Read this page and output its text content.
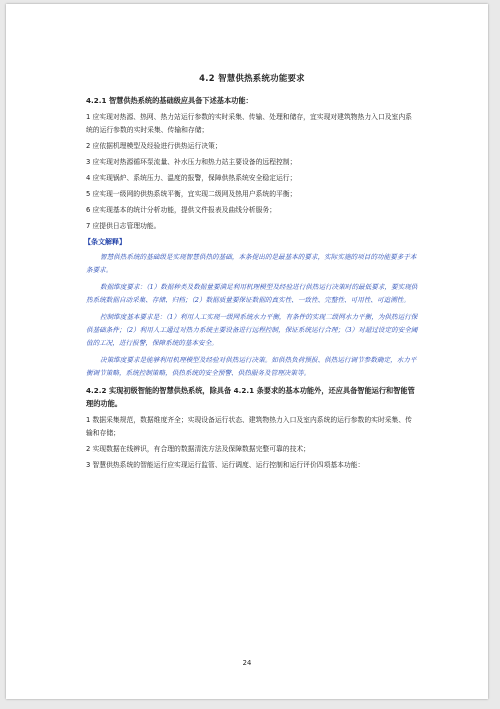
4.2 智慧供热系统功能要求
4.2.1 智慧供热系统的基础级应具备下述基本功能：
1 应实现对热源、热网、热力站运行参数的实时采集、传输、处理和储存，宜实现对建筑物热力入口及室内系统的运行参数的实时采集、传输和存储；
2 应依据机理模型及经验进行供热运行决策；
3 应实现对热源循环泵流量、补水压力和热力站主要设备的远程控制；
4 应实现锅炉、系统压力、温度的报警，保障供热系统安全稳定运行；
5 应实现一级网的供热系统平衡，宜实现二级网及热用户系统的平衡；
6 应实现基本的统计分析功能，提供文件报表及曲线分析服务；
7 应提供日志管理功能。
【条文解释】
智慧供热系统的基础级是实现智慧供热的基础，本条提出的是最基本的要求，实际实施的项目的功能要多于本条要求。
数据维度要求：（1）数据种类及数据量要满足利用机理模型及经验进行供热运行决策时的最低要求，要实现供热系统数据自动采集、存储、归档；（2）数据质量要保证数据的真实性、一致性、完整性、可用性、可追溯性。
控制维度基本要求是：（1）利用人工实现一级网系统水力平衡，有条件的实现二级网水力平衡，为供热运行保供基础条件；（2）利用人工通过对热力系统主要设备进行远程控制，保证系统运行合理；（3）对超过设定的安全阈值的工况，进行报警，保障系统的基本安全。
决策维度要求是能够利用机理模型及经验对供热运行决策。如供热负荷预报、供热运行调节参数确定，水力平衡调节策略，系统控制策略，供热系统的安全预警、供热服务及管理决策等。
4.2.2 实现初级智能的智慧供热系统，除具备 4.2.1 条要求的基本功能外，还应具备智能运行和智能管理的功能。
1 数据采集规范，数据维度齐全；实现设备运行状态、建筑物热力入口及室内系统的运行参数的实时采集、传输和存储；
2 实现数据在线辨识，有合理的数据清洗方法及保障数据完整可靠的技术；
3 智慧供热系统的智能运行应实现运行监管、运行调度、运行控制和运行评价四项基本功能：
24
